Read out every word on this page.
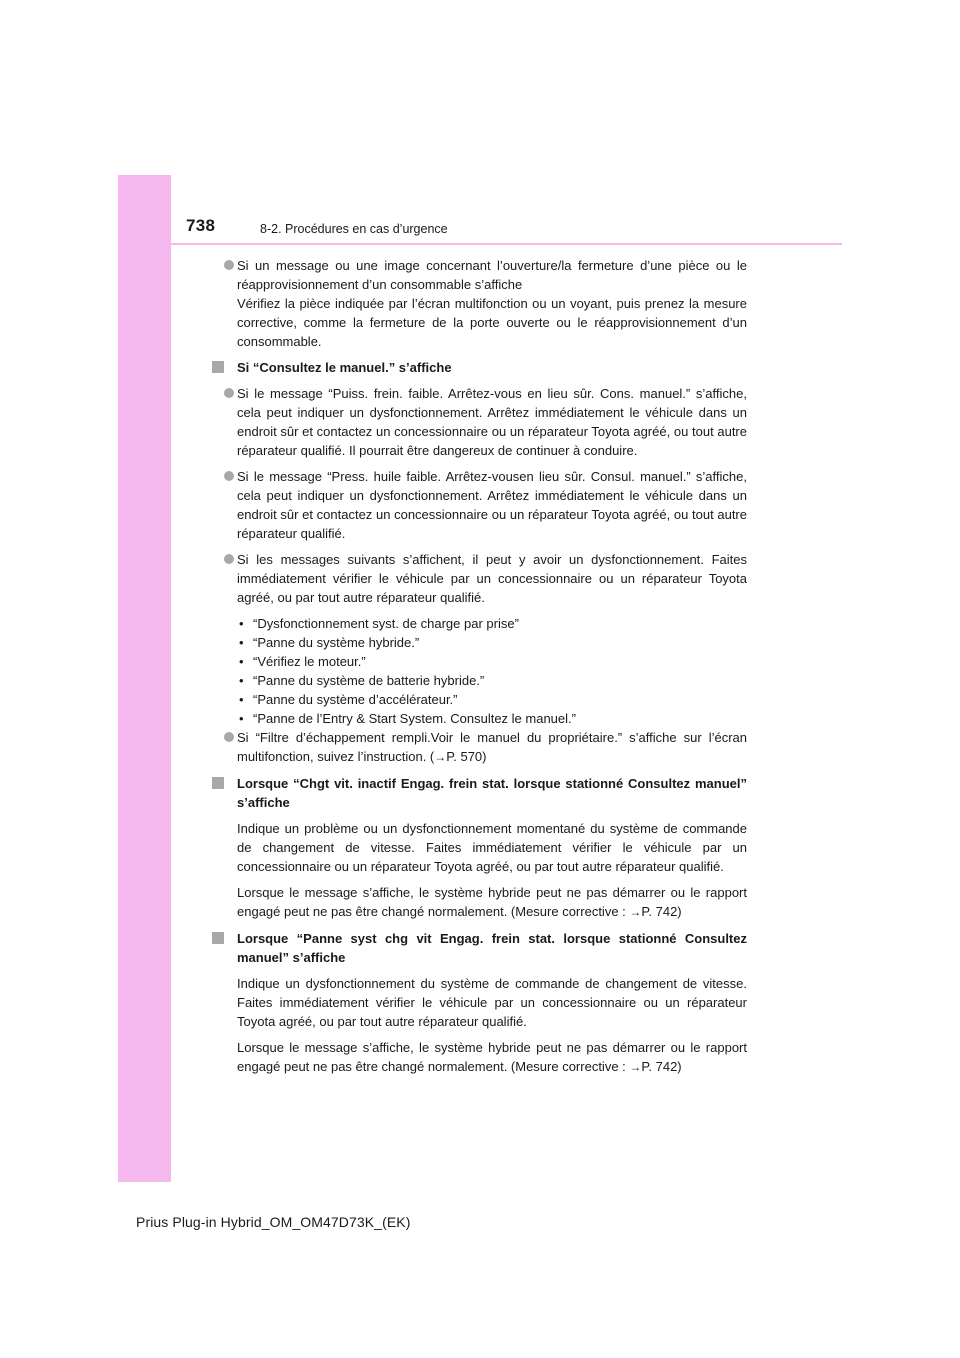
738	8-2. Procédures en cas d’urgence
Si un message ou une image concernant l’ouverture/la fermeture d’une pièce ou le réapprovisionnement d’un consommable s’affiche
Vérifiez la pièce indiquée par l’écran multifonction ou un voyant, puis prenez la mesure corrective, comme la fermeture de la porte ouverte ou le réapprovisionnement d’un consommable.
Si “Consultez le manuel.” s’affiche
Si le message “Puiss. frein. faible. Arrêtez-vous en lieu sûr. Cons. manuel.” s’affiche, cela peut indiquer un dysfonctionnement. Arrêtez immédiatement le véhicule dans un endroit sûr et contactez un concessionnaire ou un réparateur Toyota agréé, ou tout autre réparateur qualifié. Il pourrait être dangereux de continuer à conduire.
Si le message “Press. huile faible. Arrêtez-vousen lieu sûr. Consul. manuel.” s’affiche, cela peut indiquer un dysfonctionnement. Arrêtez immédiatement le véhicule dans un endroit sûr et contactez un concessionnaire ou un réparateur Toyota agréé, ou tout autre réparateur qualifié.
Si les messages suivants s’affichent, il peut y avoir un dysfonctionnement. Faites immédiatement vérifier le véhicule par un concessionnaire ou un réparateur Toyota agréé, ou par tout autre réparateur qualifié.
• “Dysfonctionnement syst. de charge par prise”
• “Panne du système hybride.”
• “Vérifiez le moteur.”
• “Panne du système de batterie hybride.”
• “Panne du système d’accélérateur.”
• “Panne de l’Entry & Start System. Consultez le manuel.”
Si “Filtre d’échappement rempli.Voir le manuel du propriétaire.” s’affiche sur l’écran multifonction, suivez l’instruction. (→P. 570)
Lorsque “Chgt vit. inactif Engag. frein stat. lorsque stationné Consultez manuel” s’affiche
Indique un problème ou un dysfonctionnement momentané du système de commande de changement de vitesse. Faites immédiatement vérifier le véhicule par un concessionnaire ou un réparateur Toyota agréé, ou par tout autre réparateur qualifié.
Lorsque le message s’affiche, le système hybride peut ne pas démarrer ou le rapport engagé peut ne pas être changé normalement. (Mesure corrective : →P. 742)
Lorsque “Panne syst chg vit Engag. frein stat. lorsque stationné Consultez manuel” s’affiche
Indique un dysfonctionnement du système de commande de changement de vitesse. Faites immédiatement vérifier le véhicule par un concessionnaire ou un réparateur Toyota agréé, ou par tout autre réparateur qualifié.
Lorsque le message s’affiche, le système hybride peut ne pas démarrer ou le rapport engagé peut ne pas être changé normalement. (Mesure corrective : →P. 742)
Prius Plug-in Hybrid_OM_OM47D73K_(EK)
